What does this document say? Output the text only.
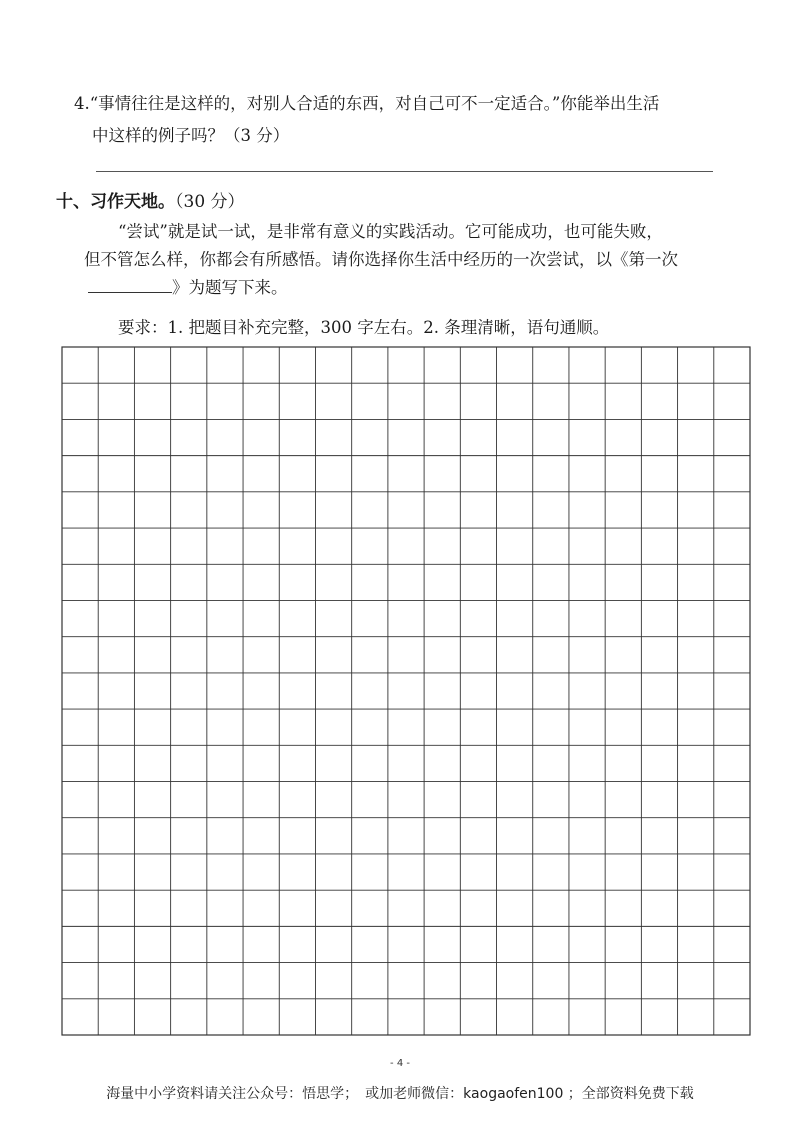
4.“事情往往是这样的，对别人合适的东西，对自己可不一定适合。”你能举出生活
中这样的例子吗？（3 分）
十、习作天地。（30 分）

“尝试”就是试一试，是非常有意义的实践活动。它可能成功，也可能失败，

但不管怎么样，你都会有所感悟。请你选择你生活中经历的一次尝试，以《第一次

》为题写下来。

要求：1. 把题目补充完整，300 字左右。2. 条理清晰，语句通顺。
- 4 -
海量中小学资料请关注公众号：悟思学；　或加老师微信：kaogaofen100 ；全部资料免费下载
